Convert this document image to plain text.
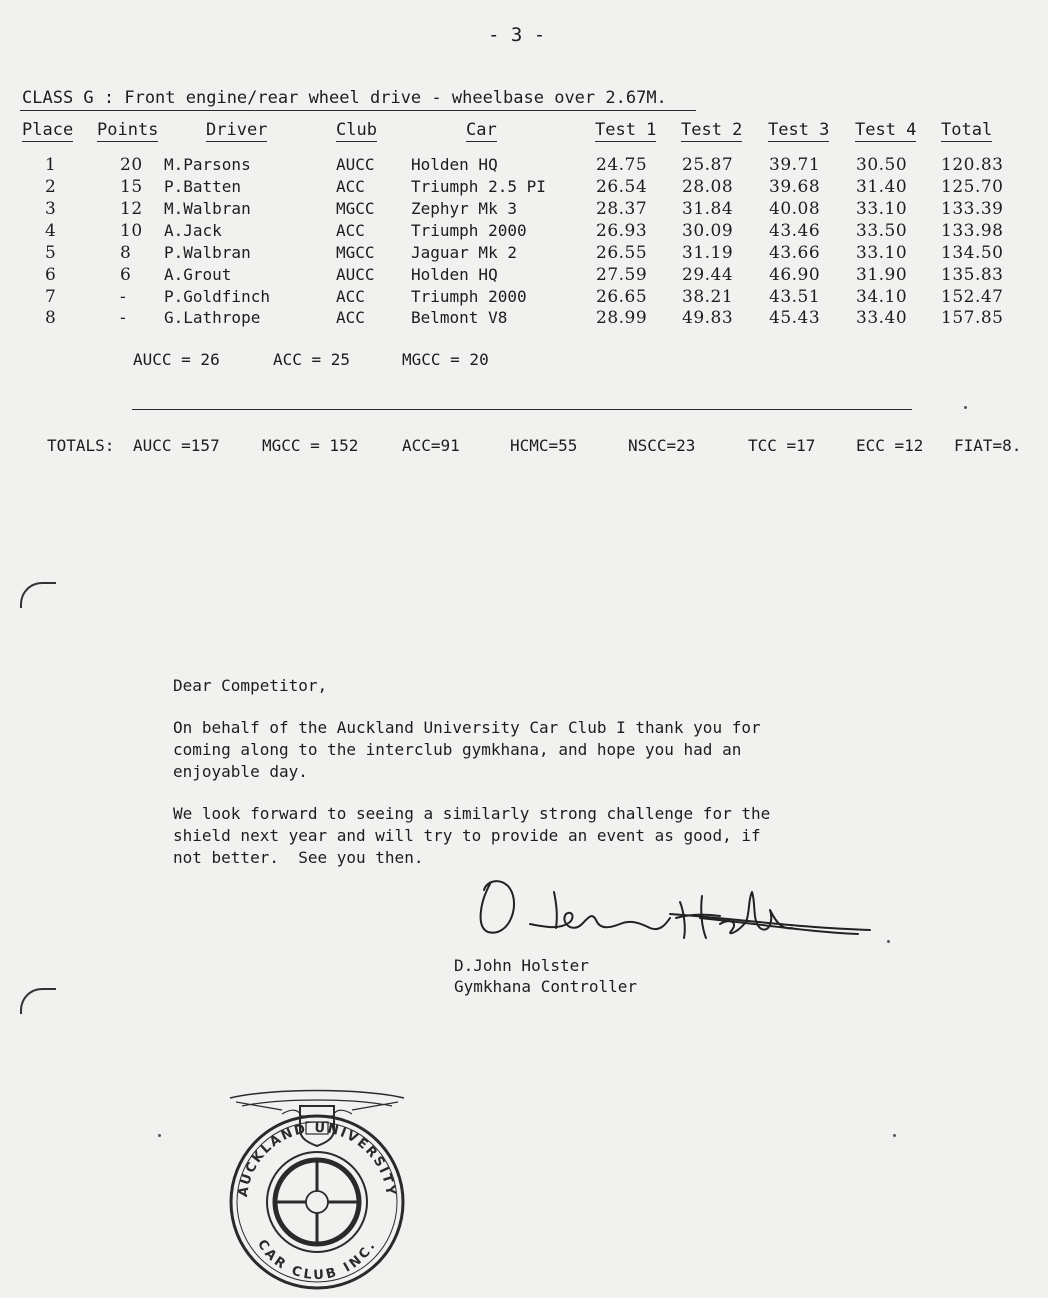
- 3 -
CLASS G : Front engine/rear wheel drive - wheelbase over 2.67M.
Place Points	Driver	Club	Car	Test 1 Test 2 Test 3 Test 4 Total
1	20 M.Parsons	AUCC Holden HQ	24.75 25.87 39.71 30.50 120.83
2	15 P.Batten	ACC	Triumph 2.5 PI	26.54 28.08 39.68 31.40 125.70
3	12 M.Walbran	MGCC Zephyr Mk 3	28.37 31.84 40.08 33.10 133.39
4	10 A.Jack	ACC	Triumph 2000	26.93 30.09 43.46 33.50 133.98
5	8 P.Walbran	MGCC Jaguar Mk 2	26.55 31.19 43.66 33.10 134.50
6	6 A.Grout	AUCC Holden HQ	27.59 29.44 46.90 31.90 135.83
7	- P.Goldfinch	ACC	Triumph 2000	26.65 38.21 43.51 34.10 152.47
8	- G.Lathrope	ACC	Belmont V8	28.99 49.83 45.43 33.40 157.85
AUCC = 26	ACC = 25	MGCC = 20
TOTALS: AUCC =157	MGCC = 152	ACC=91	HCMC=55	NSCC=23	TCC =17	ECC =12 FIAT=8.
Dear Competitor,
On behalf of the Auckland University Car Club I thank you for
coming along to the interclub gymkhana, and hope you had an
enjoyable day.
We look forward to seeing a similarly strong challenge for the
shield next year and will try to provide an event as good, if
not better.  See you then.
D.John Holster
Gymkhana Controller
AUCKLAND UNIVERSITY
CAR CLUB INC.
